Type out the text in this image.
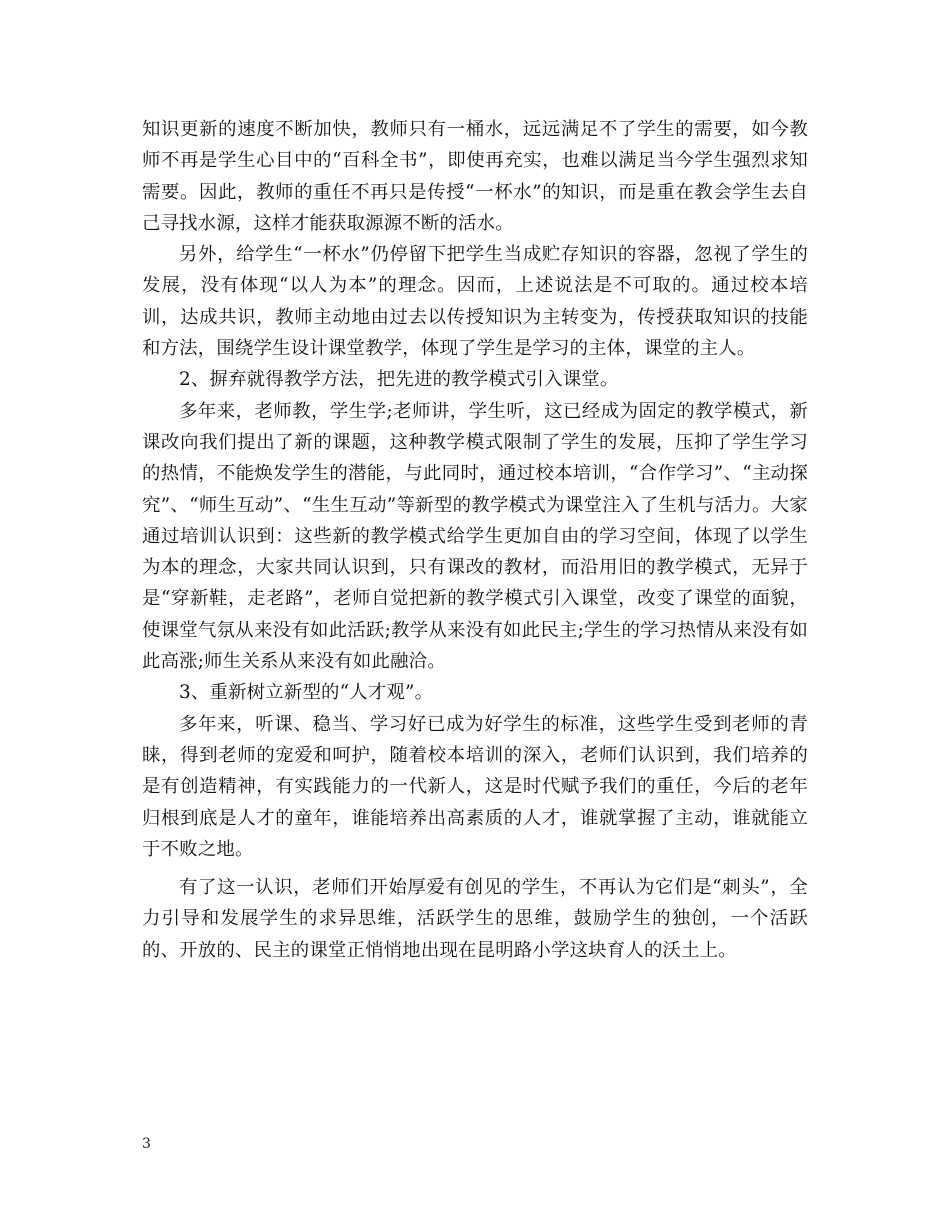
知识更新的速度不断加快，教师只有一桶水，远远满足不了学生的需要，如今教师不再是学生心目中的“百科全书”，即使再充实，也难以满足当今学生强烈求知需要。因此，教师的重任不再只是传授“一杯水”的知识，而是重在教会学生去自己寻找水源，这样才能获取源源不断的活水。

另外，给学生“一杯水”仍停留下把学生当成贮存知识的容器，忽视了学生的发展，没有体现“以人为本”的理念。因而，上述说法是不可取的。通过校本培训，达成共识，教师主动地由过去以传授知识为主转变为，传授获取知识的技能和方法，围绕学生设计课堂教学，体现了学生是学习的主体，课堂的主人。

2、摒弃就得教学方法，把先进的教学模式引入课堂。

多年来，老师教，学生学;老师讲，学生听，这已经成为固定的教学模式，新课改向我们提出了新的课题，这种教学模式限制了学生的发展，压抑了学生学习的热情，不能焕发学生的潜能，与此同时，通过校本培训，“合作学习”、“主动探究”、“师生互动”、“生生互动”等新型的教学模式为课堂注入了生机与活力。大家通过培训认识到：这些新的教学模式给学生更加自由的学习空间，体现了以学生为本的理念，大家共同认识到，只有课改的教材，而沿用旧的教学模式，无异于是“穿新鞋，走老路”，老师自觉把新的教学模式引入课堂，改变了课堂的面貌，使课堂气氛从来没有如此活跃;教学从来没有如此民主;学生的学习热情从来没有如此高涨;师生关系从来没有如此融洽。

3、重新树立新型的“人才观”。

多年来，听课、稳当、学习好已成为好学生的标准，这些学生受到老师的青睐，得到老师的宠爱和呵护，随着校本培训的深入，老师们认识到，我们培养的是有创造精神，有实践能力的一代新人，这是时代赋予我们的重任，今后的老年归根到底是人才的童年，谁能培养出高素质的人才，谁就掌握了主动，谁就能立于不败之地。

有了这一认识，老师们开始厚爱有创见的学生，不再认为它们是“刺头”，全力引导和发展学生的求异思维，活跃学生的思维，鼓励学生的独创，一个活跃的、开放的、民主的课堂正悄悄地出现在昆明路小学这块育人的沃土上。

3
